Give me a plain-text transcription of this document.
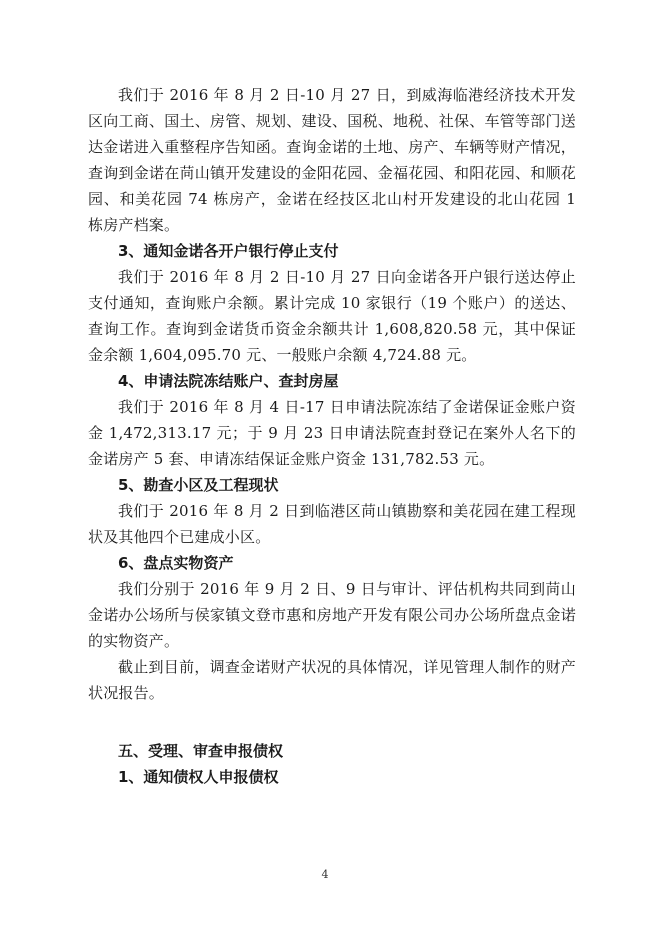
我们于 2016 年 8 月 2 日-10 月 27 日，到威海临港经济技术开发区向工商、国土、房管、规划、建设、国税、地税、社保、车管等部门送达金诺进入重整程序告知函。查询金诺的土地、房产、车辆等财产情况，查询到金诺在苘山镇开发建设的金阳花园、金福花园、和阳花园、和顺花园、和美花园 74 栋房产，金诺在经技区北山村开发建设的北山花园 1 栋房产档案。

3、通知金诺各开户银行停止支付

我们于 2016 年 8 月 2 日-10 月 27 日向金诺各开户银行送达停止支付通知，查询账户余额。累计完成 10 家银行（19 个账户）的送达、查询工作。查询到金诺货币资金余额共计 1,608,820.58 元，其中保证金余额 1,604,095.70 元、一般账户余额 4,724.88 元。

4、申请法院冻结账户、查封房屋

我们于 2016 年 8 月 4 日-17 日申请法院冻结了金诺保证金账户资金 1,472,313.17 元；于 9 月 23 日申请法院查封登记在案外人名下的金诺房产 5 套、申请冻结保证金账户资金 131,782.53 元。

5、勘查小区及工程现状

我们于 2016 年 8 月 2 日到临港区苘山镇勘察和美花园在建工程现状及其他四个已建成小区。

6、盘点实物资产

我们分别于 2016 年 9 月 2 日、9 日与审计、评估机构共同到苘山金诺办公场所与侯家镇文登市惠和房地产开发有限公司办公场所盘点金诺的实物资产。

截止到目前，调查金诺财产状况的具体情况，详见管理人制作的财产状况报告。

五、受理、审查申报债权

1、通知债权人申报债权

4
